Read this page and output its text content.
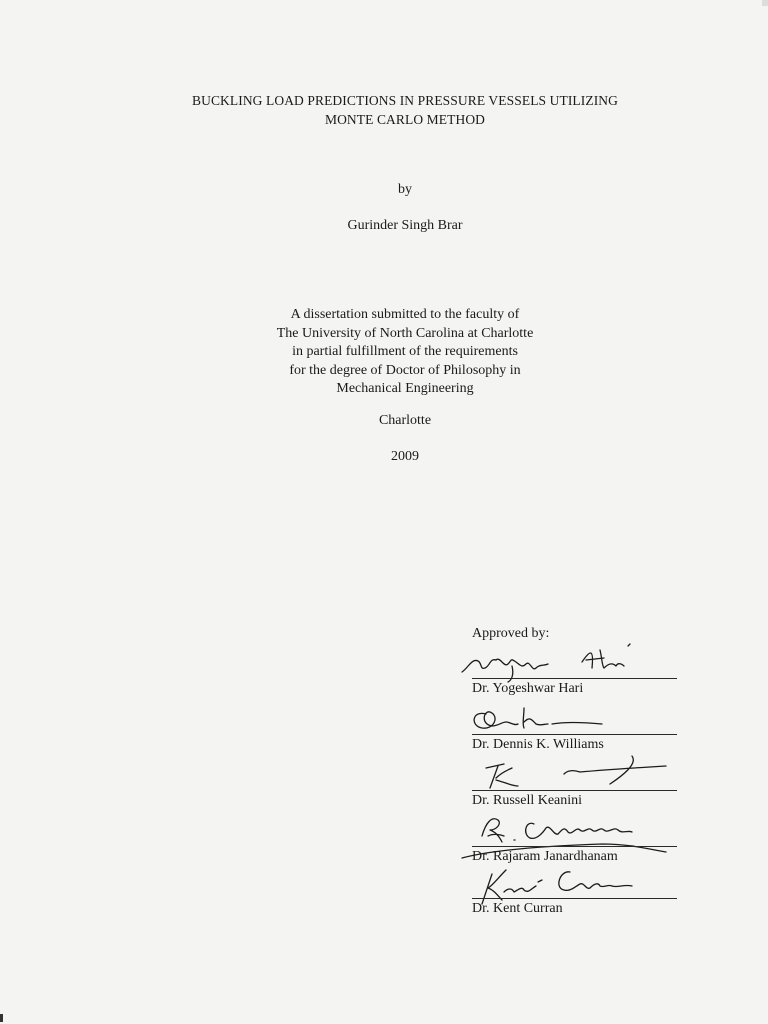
BUCKLING LOAD PREDICTIONS IN PRESSURE VESSELS UTILIZING
MONTE CARLO METHOD
by
Gurinder Singh Brar
A dissertation submitted to the faculty of
The University of North Carolina at Charlotte
in partial fulfillment of the requirements
for the degree of Doctor of Philosophy in
Mechanical Engineering
Charlotte
2009
Approved by:
Dr. Yogeshwar Hari
Dr. Dennis K. Williams
Dr. Russell Keanini
Dr. Rajaram Janardhanam
Dr. Kent Curran
